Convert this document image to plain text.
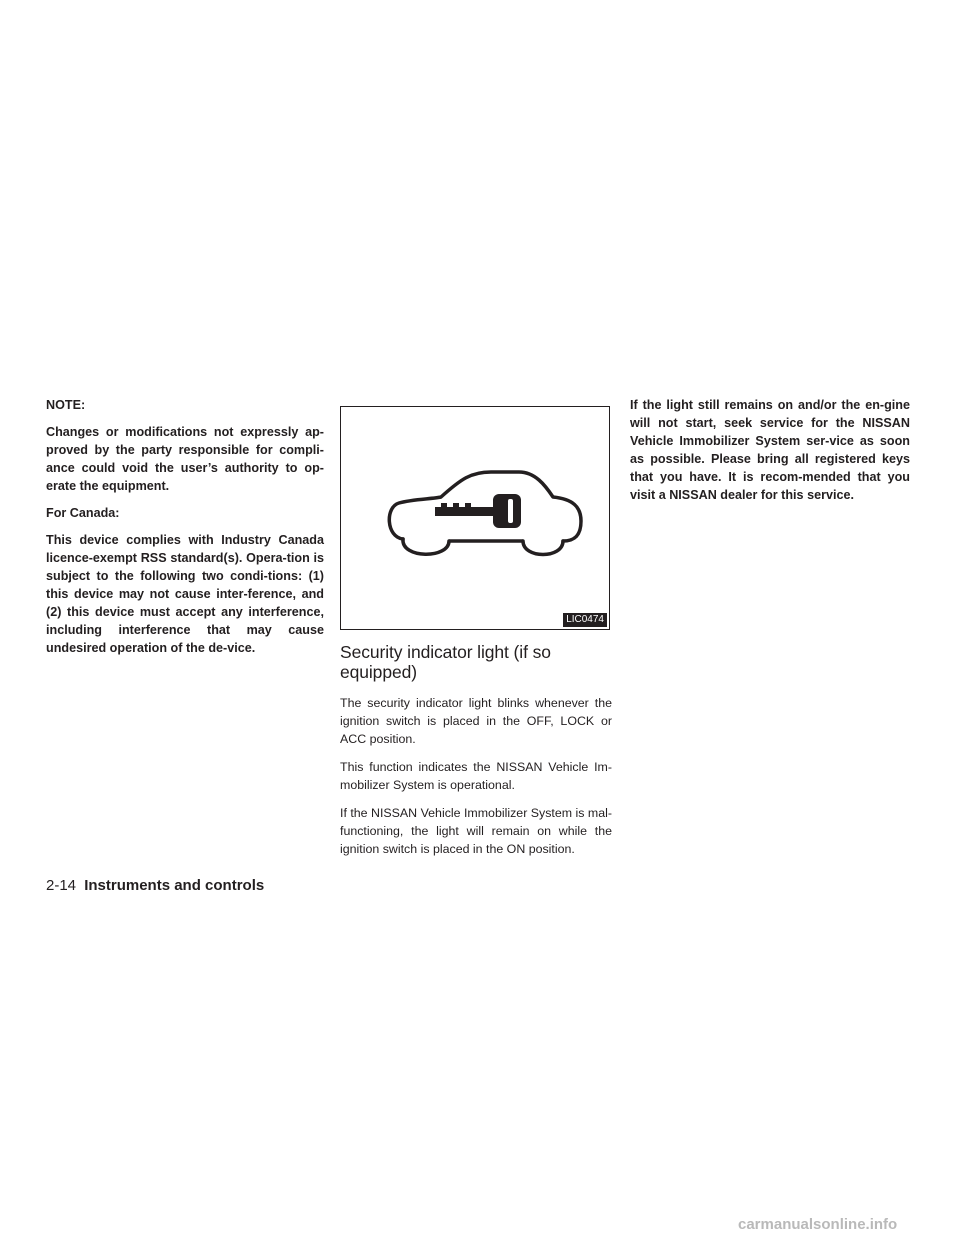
NOTE:

Changes or modifications not expressly ap-proved by the party responsible for compli-ance could void the user’s authority to op-erate the equipment.

For Canada:

This device complies with Industry Canada licence-exempt RSS standard(s). Opera-tion is subject to the following two condi-tions: (1) this device may not cause inter-ference, and (2) this device must accept any interference, including interference that may cause undesired operation of the de-vice.

LIC0474
Security indicator light (if so equipped)

The security indicator light blinks whenever the ignition switch is placed in the OFF, LOCK or ACC position.

This function indicates the NISSAN Vehicle Im-mobilizer System is operational.

If the NISSAN Vehicle Immobilizer System is mal-functioning, the light will remain on while the ignition switch is placed in the ON position.

If the light still remains on and/or the en-gine will not start, seek service for the NISSAN Vehicle Immobilizer System ser-vice as soon as possible. Please bring all registered keys that you have. It is recom-mended that you visit a NISSAN dealer for this service.

2-14 Instruments and controls
carmanualsonline.info
